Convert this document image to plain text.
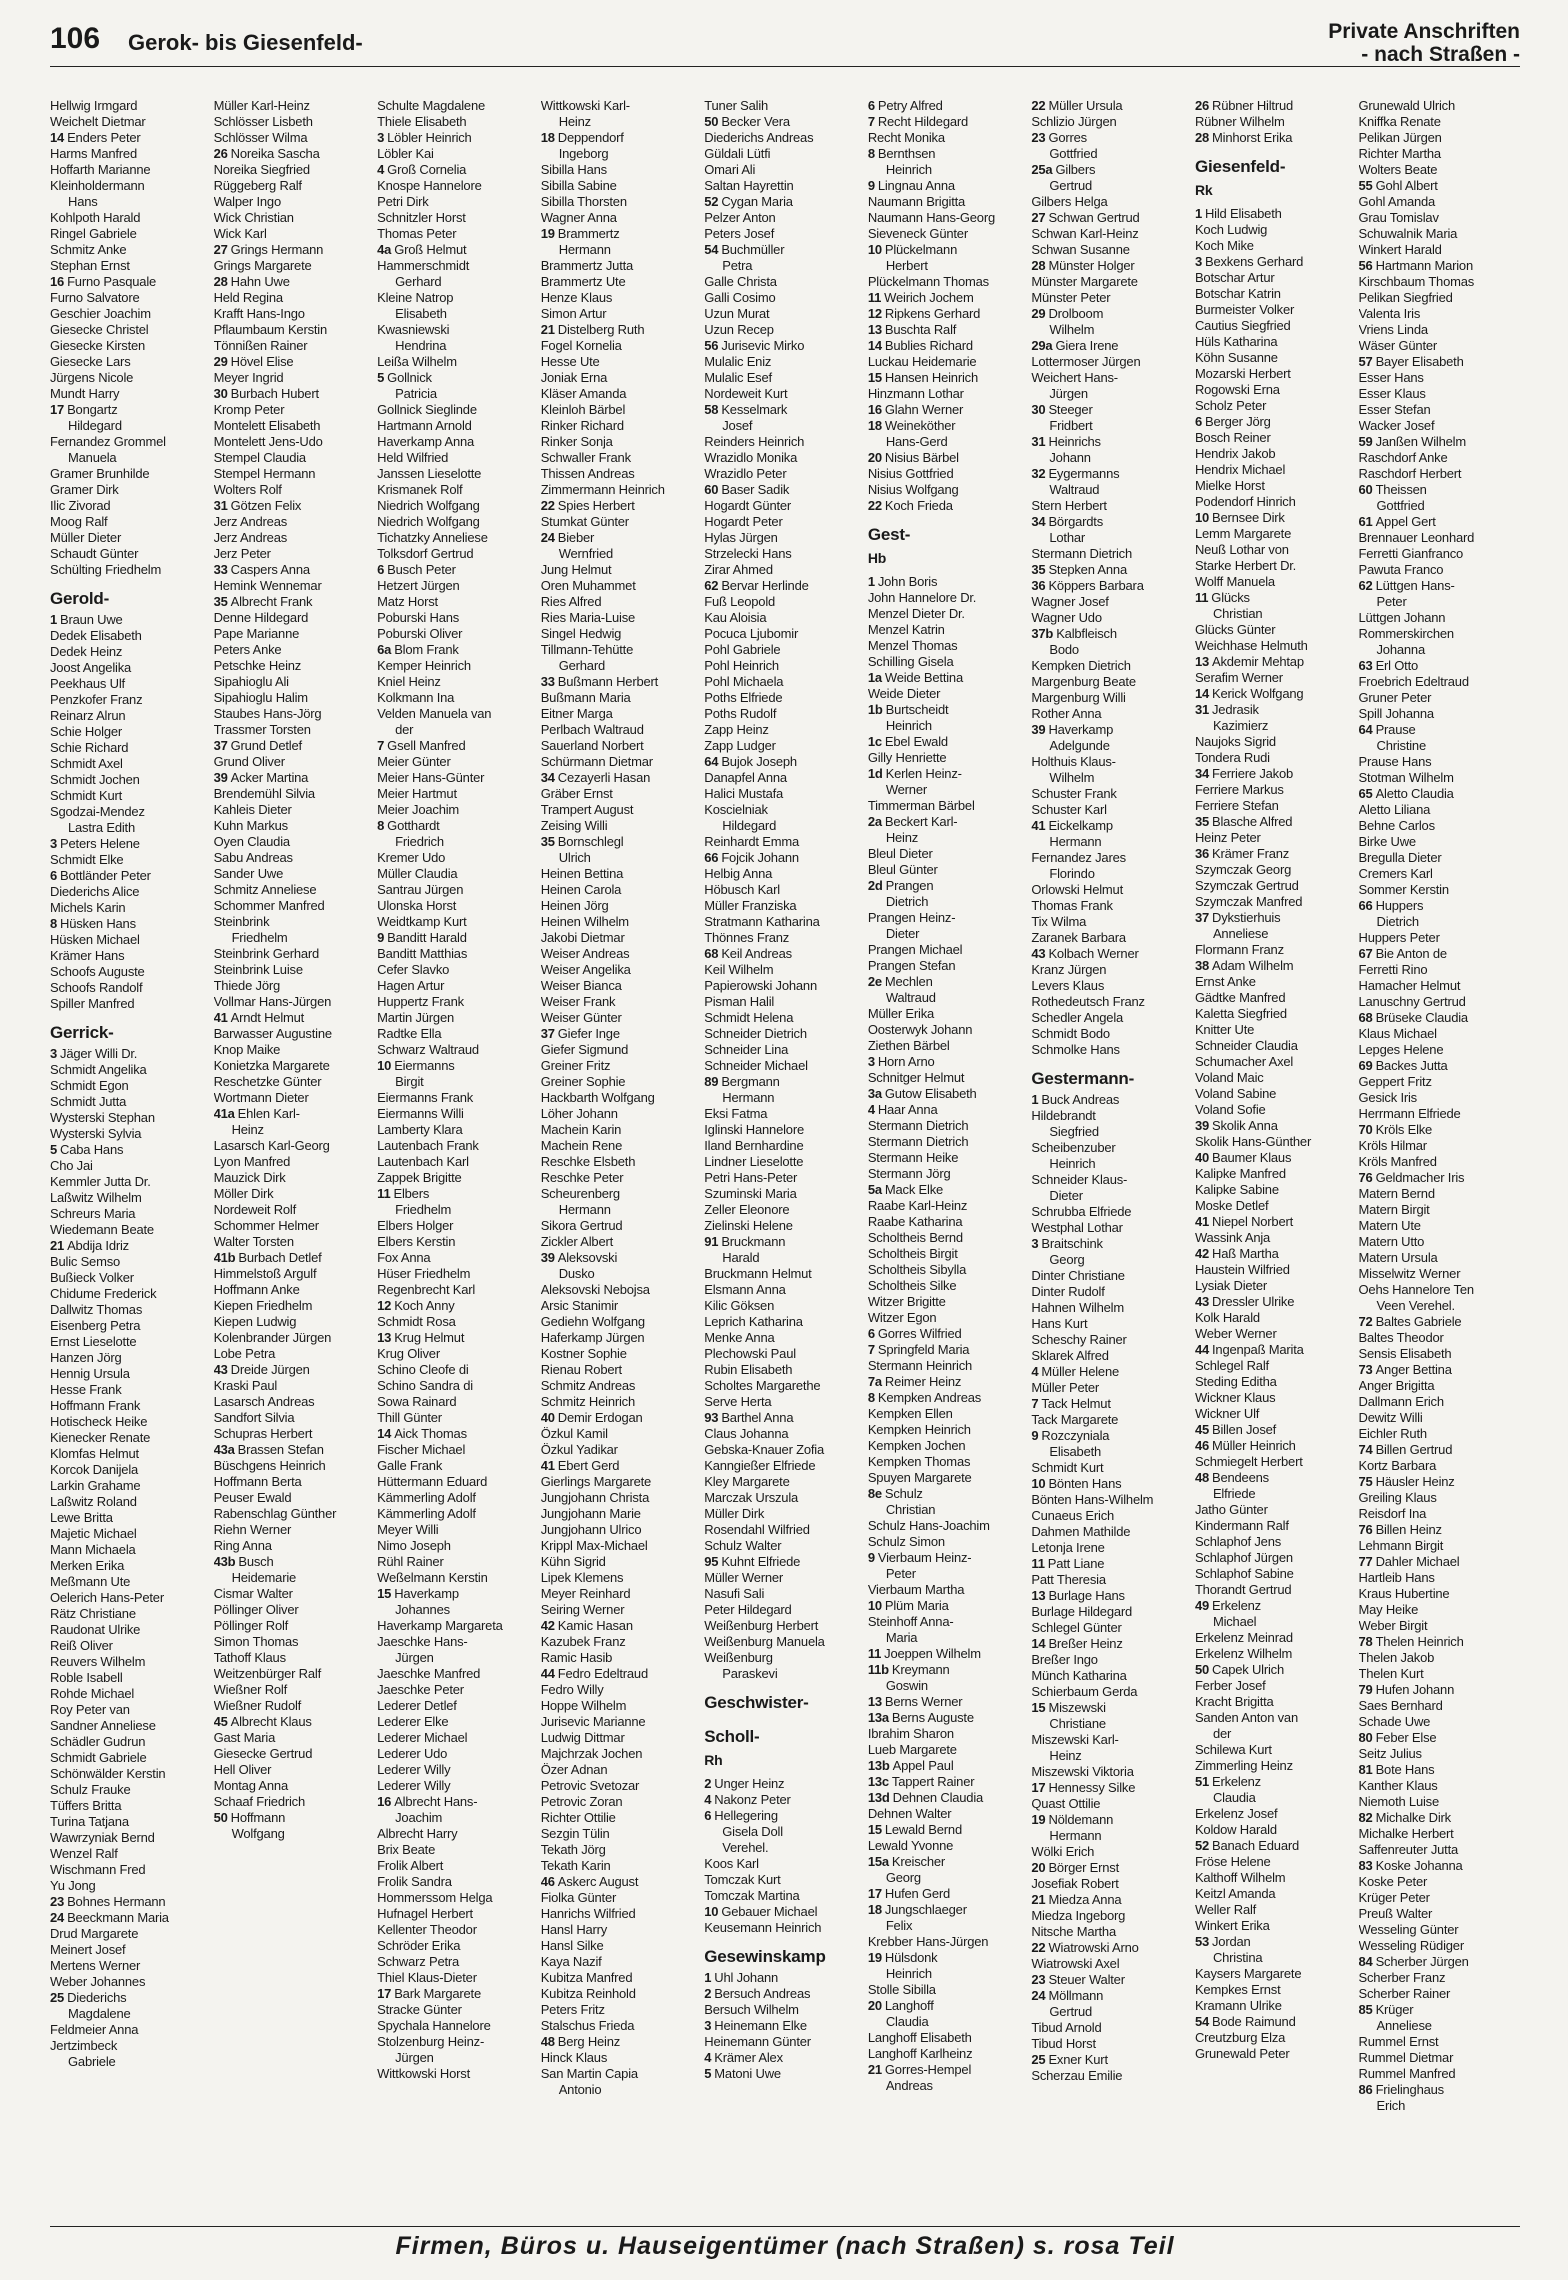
106 Gerok- bis Giesenfeld-	Private Anschriften
- nach Straßen -
Hellwig Irmgard
Weichelt Dietmar
14 Enders Peter
Harms Manfred
Hoffarth Marianne
Kleinholdermann
Hans
Kohlpoth Harald
Ringel Gabriele
Schmitz Anke
Stephan Ernst
16 Furno Pasquale
Furno Salvatore
Geschier Joachim
Giesecke Christel
Giesecke Kirsten
Giesecke Lars
Jürgens Nicole
Mundt Harry
17 Bongartz
Hildegard
Fernandez Grommel
Manuela
Gramer Brunhilde
Gramer Dirk
Ilic Zivorad
Moog Ralf
Müller Dieter
Schaudt Günter
Schülting Friedhelm
Gerold-
1 Braun Uwe
Dedek Elisabeth
Dedek Heinz
Joost Angelika
Peekhaus Ulf
Penzkofer Franz
Reinarz Alrun
Schie Holger
Schie Richard
Schmidt Axel
Schmidt Jochen
Schmidt Kurt
Sgodzai-Mendez
Lastra Edith
3 Peters Helene
Schmidt Elke
6 Bottländer Peter
Diederichs Alice
Michels Karin
8 Hüsken Hans
Hüsken Michael
Krämer Hans
Schoofs Auguste
Schoofs Randolf
Spiller Manfred
Gerrick-
3 Jäger Willi Dr.
Schmidt Angelika
Schmidt Egon
Schmidt Jutta
Wysterski Stephan
Wysterski Sylvia
5 Caba Hans
Cho Jai
Kemmler Jutta Dr.
Laßwitz Wilhelm
Schreurs Maria
Wiedemann Beate
21 Abdija Idriz
Bulic Semso
Bußieck Volker
Chidume Frederick
Dallwitz Thomas
Eisenberg Petra
Ernst Lieselotte
Hanzen Jörg
Hennig Ursula
Hesse Frank
Hoffmann Frank
Hotischeck Heike
Kienecker Renate
Klomfas Helmut
Korcok Danijela
Larkin Grahame
Laßwitz Roland
Lewe Britta
Majetic Michael
Mann Michaela
Merken Erika
Meßmann Ute
Oelerich Hans-Peter
Rätz Christiane
Raudonat Ulrike
Reiß Oliver
Reuvers Wilhelm
Roble Isabell
Rohde Michael
Roy Peter van
Sandner Anneliese
Schädler Gudrun
Schmidt Gabriele
Schönwälder Kerstin
Schulz Frauke
Tüffers Britta
Turina Tatjana
Wawrzyniak Bernd
Wenzel Ralf
Wischmann Fred
Yu Jong
23 Bohnes Hermann
24 Beeckmann Maria
Drud Margarete
Meinert Josef
Mertens Werner
Weber Johannes
25 Diederichs
Magdalene
Feldmeier Anna
Jertzimbeck
Gabriele
Müller Karl-Heinz
Schlösser Lisbeth
Schlösser Wilma
26 Noreika Sascha
Noreika Siegfried
Rüggeberg Ralf
Walper Ingo
Wick Christian
Wick Karl
27 Grings Hermann
Grings Margarete
28 Hahn Uwe
Held Regina
Krafft Hans-Ingo
Pflaumbaum Kerstin
Tönnißen Rainer
29 Hövel Elise
Meyer Ingrid
30 Burbach Hubert
Kromp Peter
Montelett Elisabeth
Montelett Jens-Udo
Stempel Claudia
Stempel Hermann
Wolters Rolf
31 Götzen Felix
Jerz Andreas
Jerz Andreas
Jerz Peter
33 Caspers Anna
Hemink Wennemar
35 Albrecht Frank
Denne Hildegard
Pape Marianne
Peters Anke
Petschke Heinz
Sipahioglu Ali
Sipahioglu Halim
Staubes Hans-Jörg
Trassmer Torsten
37 Grund Detlef
Grund Oliver
39 Acker Martina
Brendemühl Silvia
Kahleis Dieter
Kuhn Markus
Oyen Claudia
Sabu Andreas
Sander Uwe
Schmitz Anneliese
Schommer Manfred
Steinbrink
Friedhelm
Steinbrink Gerhard
Steinbrink Luise
Thiede Jörg
Vollmar Hans-Jürgen
41 Arndt Helmut
Barwasser Augustine
Knop Maike
Konietzka Margarete
Reschetzke Günter
Wortmann Dieter
41a Ehlen Karl-
Heinz
Lasarsch Karl-Georg
Lyon Manfred
Mauzick Dirk
Möller Dirk
Nordeweit Rolf
Schommer Helmer
Walter Torsten
41b Burbach Detlef
Himmelstoß Argulf
Hoffmann Anke
Kiepen Friedhelm
Kiepen Ludwig
Kolenbrander Jürgen
Lobe Petra
43 Dreide Jürgen
Kraski Paul
Lasarsch Andreas
Sandfort Silvia
Schupras Herbert
43a Brassen Stefan
Büschgens Heinrich
Hoffmann Berta
Peuser Ewald
Rabenschlag Günther
Riehn Werner
Ring Anna
43b Busch
Heidemarie
Cismar Walter
Pöllinger Oliver
Pöllinger Rolf
Simon Thomas
Tathoff Klaus
Weitzenbürger Ralf
Wießner Rolf
Wießner Rudolf
45 Albrecht Klaus
Gast Maria
Giesecke Gertrud
Hell Oliver
Montag Anna
Schaaf Friedrich
50 Hoffmann
Wolfgang
Schulte Magdalene
Thiele Elisabeth
3 Löbler Heinrich
Löbler Kai
4 Groß Cornelia
Knospe Hannelore
Petri Dirk
Schnitzler Horst
Thomas Peter
4a Groß Helmut
Hammerschmidt
Gerhard
Kleine Natrop
Elisabeth
Kwasniewski
Hendrina
Leißa Wilhelm
5 Gollnick
Patricia
Gollnick Sieglinde
Hartmann Arnold
Haverkamp Anna
Held Wilfried
Janssen Lieselotte
Krismanek Rolf
Niedrich Wolfgang
Niedrich Wolfgang
Tichatzky Anneliese
Tolksdorf Gertrud
6 Busch Peter
Hetzert Jürgen
Matz Horst
Poburski Hans
Poburski Oliver
6a Blom Frank
Kemper Heinrich
Kniel Heinz
Kolkmann Ina
Velden Manuela van
der
7 Gsell Manfred
Meier Günter
Meier Hans-Günter
Meier Hartmut
Meier Joachim
8 Gotthardt
Friedrich
Kremer Udo
Müller Claudia
Santrau Jürgen
Ulonska Horst
Weidtkamp Kurt
9 Banditt Harald
Banditt Matthias
Cefer Slavko
Hagen Artur
Huppertz Frank
Martin Jürgen
Radtke Ella
Schwarz Waltraud
10 Eiermanns
Birgit
Eiermanns Frank
Eiermanns Willi
Lamberty Klara
Lautenbach Frank
Lautenbach Karl
Zappek Brigitte
11 Elbers
Friedhelm
Elbers Holger
Elbers Kerstin
Fox Anna
Hüser Friedhelm
Regenbrecht Karl
12 Koch Anny
Schmidt Rosa
13 Krug Helmut
Krug Oliver
Schino Cleofe di
Schino Sandra di
Sowa Rainard
Thill Günter
14 Aick Thomas
Fischer Michael
Galle Frank
Hüttermann Eduard
Kämmerling Adolf
Kämmerling Adolf
Meyer Willi
Nimo Joseph
Rühl Rainer
Weßelmann Kerstin
15 Haverkamp
Johannes
Haverkamp Margareta
Jaeschke Hans-
Jürgen
Jaeschke Manfred
Jaeschke Peter
Lederer Detlef
Lederer Elke
Lederer Michael
Lederer Udo
Lederer Willy
Lederer Willy
16 Albrecht Hans-
Joachim
Albrecht Harry
Brix Beate
Frolik Albert
Frolik Sandra
Hommerssom Helga
Hufnagel Herbert
Kellenter Theodor
Schröder Erika
Schwarz Petra
Thiel Klaus-Dieter
17 Bark Margarete
Stracke Günter
Spychala Hannelore
Stolzenburg Heinz-
Jürgen
Wittkowski Horst
Wittkowski Karl-
Heinz
18 Deppendorf
Ingeborg
Sibilla Hans
Sibilla Sabine
Sibilla Thorsten
Wagner Anna
19 Brammertz
Hermann
Brammertz Jutta
Brammertz Ute
Henze Klaus
Simon Artur
21 Distelberg Ruth
Fogel Kornelia
Hesse Ute
Joniak Erna
Kläser Amanda
Kleinloh Bärbel
Rinker Richard
Rinker Sonja
Schwaller Frank
Thissen Andreas
Zimmermann Heinrich
22 Spies Herbert
Stumkat Günter
24 Bieber
Wernfried
Jung Helmut
Oren Muhammet
Ries Alfred
Ries Maria-Luise
Singel Hedwig
Tillmann-Tehütte
Gerhard
33 Bußmann Herbert
Bußmann Maria
Eitner Marga
Perlbach Waltraud
Sauerland Norbert
Schürmann Dietmar
34 Cezayerli Hasan
Gräber Ernst
Trampert August
Zeising Willi
35 Bornschlegl
Ulrich
Heinen Bettina
Heinen Carola
Heinen Jörg
Heinen Wilhelm
Jakobi Dietmar
Weiser Andreas
Weiser Angelika
Weiser Bianca
Weiser Frank
Weiser Günter
37 Giefer Inge
Giefer Sigmund
Greiner Fritz
Greiner Sophie
Hackbarth Wolfgang
Löher Johann
Machein Karin
Machein Rene
Reschke Elsbeth
Reschke Peter
Scheurenberg
Hermann
Sikora Gertrud
Zickler Albert
39 Aleksovski
Dusko
Aleksovski Nebojsa
Arsic Stanimir
Gediehn Wolfgang
Haferkamp Jürgen
Kostner Sophie
Rienau Robert
Schmitz Andreas
Schmitz Heinrich
40 Demir Erdogan
Özkul Kamil
Özkul Yadikar
41 Ebert Gerd
Gierlings Margarete
Jungjohann Christa
Jungjohann Marie
Jungjohann Ulrico
Krippl Max-Michael
Kühn Sigrid
Lipek Klemens
Meyer Reinhard
Seiring Werner
42 Kamic Hasan
Kazubek Franz
Ramic Hasib
44 Fedro Edeltraud
Fedro Willy
Hoppe Wilhelm
Jurisevic Marianne
Ludwig Dittmar
Majchrzak Jochen
Özer Adnan
Petrovic Svetozar
Petrovic Zoran
Richter Ottilie
Sezgin Tülin
Tekath Jörg
Tekath Karin
46 Askerc August
Fiolka Günter
Hanrichs Wilfried
Hansl Harry
Hansl Silke
Kaya Nazif
Kubitza Manfred
Kubitza Reinhold
Peters Fritz
Stalschus Frieda
48 Berg Heinz
Hinck Klaus
San Martin Capia
Antonio
Tuner Salih
50 Becker Vera
Diederichs Andreas
Güldali Lütfi
Omari Ali
Saltan Hayrettin
52 Cygan Maria
Pelzer Anton
Peters Josef
54 Buchmüller
Petra
Galle Christa
Galli Cosimo
Uzun Murat
Uzun Recep
56 Jurisevic Mirko
Mulalic Eniz
Mulalic Esef
Nordeweit Kurt
58 Kesselmark
Josef
Reinders Heinrich
Wrazidlo Monika
Wrazidlo Peter
60 Baser Sadik
Hogardt Günter
Hogardt Peter
Hylas Jürgen
Strzelecki Hans
Zirar Ahmed
62 Bervar Herlinde
Fuß Leopold
Kau Aloisia
Pocuca Ljubomir
Pohl Gabriele
Pohl Heinrich
Pohl Michaela
Poths Elfriede
Poths Rudolf
Zapp Heinz
Zapp Ludger
64 Bujok Joseph
Danapfel Anna
Halici Mustafa
Koscielniak
Hildegard
Reinhardt Emma
66 Fojcik Johann
Helbig Anna
Höbusch Karl
Müller Franziska
Stratmann Katharina
Thönnes Franz
68 Keil Andreas
Keil Wilhelm
Papierowski Johann
Pisman Halil
Schmidt Helena
Schneider Dietrich
Schneider Lina
Schneider Michael
89 Bergmann
Hermann
Eksi Fatma
Iglinski Hannelore
Iland Bernhardine
Lindner Lieselotte
Petri Hans-Peter
Szuminski Maria
Zeller Eleonore
Zielinski Helene
91 Bruckmann
Harald
Bruckmann Helmut
Elsmann Anna
Kilic Göksen
Leprich Katharina
Menke Anna
Plechowski Paul
Rubin Elisabeth
Scholtes Margarethe
Serve Herta
93 Barthel Anna
Claus Johanna
Gebska-Knauer Zofia
Kanngießer Elfriede
Kley Margarete
Marczak Urszula
Müller Dirk
Rosendahl Wilfried
Schulz Walter
95 Kuhnt Elfriede
Müller Werner
Nasufi Sali
Peter Hildegard
Weißenburg Herbert
Weißenburg Manuela
Weißenburg
Paraskevi
Geschwister-
Scholl-
Rh
2 Unger Heinz
4 Nakonz Peter
6 Hellegering
Gisela Doll
Verehel.
Koos Karl
Tomczak Kurt
Tomczak Martina
10 Gebauer Michael
Keusemann Heinrich
Gesewinskamp
1 Uhl Johann
2 Bersuch Andreas
Bersuch Wilhelm
3 Heinemann Elke
Heinemann Günter
4 Krämer Alex
5 Matoni Uwe
6 Petry Alfred
7 Recht Hildegard
Recht Monika
8 Bernthsen
Heinrich
9 Lingnau Anna
Naumann Brigitta
Naumann Hans-Georg
Sieveneck Günter
10 Plückelmann
Herbert
Plückelmann Thomas
11 Weirich Jochem
12 Ripkens Gerhard
13 Buschta Ralf
14 Bublies Richard
Luckau Heidemarie
15 Hansen Heinrich
Hinzmann Lothar
16 Glahn Werner
18 Weineköther
Hans-Gerd
20 Nisius Bärbel
Nisius Gottfried
Nisius Wolfgang
22 Koch Frieda
Gest-
Hb
1 John Boris
John Hannelore Dr.
Menzel Dieter Dr.
Menzel Katrin
Menzel Thomas
Schilling Gisela
1a Weide Bettina
Weide Dieter
1b Burtscheidt
Heinrich
1c Ebel Ewald
Gilly Henriette
1d Kerlen Heinz-
Werner
Timmerman Bärbel
2a Beckert Karl-
Heinz
Bleul Dieter
Bleul Günter
2d Prangen
Dietrich
Prangen Heinz-
Dieter
Prangen Michael
Prangen Stefan
2e Mechlen
Waltraud
Müller Erika
Oosterwyk Johann
Ziethen Bärbel
3 Horn Arno
Schnitger Helmut
3a Gutow Elisabeth
4 Haar Anna
Stermann Dietrich
Stermann Dietrich
Stermann Heike
Stermann Jörg
5a Mack Elke
Raabe Karl-Heinz
Raabe Katharina
Scholtheis Bernd
Scholtheis Birgit
Scholtheis Sibylla
Scholtheis Silke
Witzer Brigitte
Witzer Egon
6 Gorres Wilfried
7 Springfeld Maria
Stermann Heinrich
7a Reimer Heinz
8 Kempken Andreas
Kempken Ellen
Kempken Heinrich
Kempken Jochen
Kempken Thomas
Spuyen Margarete
8e Schulz
Christian
Schulz Hans-Joachim
Schulz Simon
9 Vierbaum Heinz-
Peter
Vierbaum Martha
10 Plüm Maria
Steinhoff Anna-
Maria
11 Joeppen Wilhelm
11b Kreymann
Goswin
13 Berns Werner
13a Berns Auguste
Ibrahim Sharon
Lueb Margarete
13b Appel Paul
13c Tappert Rainer
13d Dehnen Claudia
Dehnen Walter
15 Lewald Bernd
Lewald Yvonne
15a Kreischer
Georg
17 Hufen Gerd
18 Jungschlaeger
Felix
Krebber Hans-Jürgen
19 Hülsdonk
Heinrich
Stolle Sibilla
20 Langhoff
Claudia
Langhoff Elisabeth
Langhoff Karlheinz
21 Gorres-Hempel
Andreas
22 Müller Ursula
Schlizio Jürgen
23 Gorres
Gottfried
25a Gilbers
Gertrud
Gilbers Helga
27 Schwan Gertrud
Schwan Karl-Heinz
Schwan Susanne
28 Münster Holger
Münster Margarete
Münster Peter
29 Drolboom
Wilhelm
29a Giera Irene
Lottermoser Jürgen
Weichert Hans-
Jürgen
30 Steeger
Fridbert
31 Heinrichs
Johann
32 Eygermanns
Waltraud
Stern Herbert
34 Börgardts
Lothar
Stermann Dietrich
35 Stepken Anna
36 Köppers Barbara
Wagner Josef
Wagner Udo
37b Kalbfleisch
Bodo
Kempken Dietrich
Margenburg Beate
Margenburg Willi
Rother Anna
39 Haverkamp
Adelgunde
Holthuis Klaus-
Wilhelm
Schuster Frank
Schuster Karl
41 Eickelkamp
Hermann
Fernandez Jares
Florindo
Orlowski Helmut
Thomas Frank
Tix Wilma
Zaranek Barbara
43 Kolbach Werner
Kranz Jürgen
Levers Klaus
Rothedeutsch Franz
Schedler Angela
Schmidt Bodo
Schmolke Hans
Gestermann-
1 Buck Andreas
Hildebrandt
Siegfried
Scheibenzuber
Heinrich
Schneider Klaus-
Dieter
Schrubba Elfriede
Westphal Lothar
3 Braitschink
Georg
Dinter Christiane
Dinter Rudolf
Hahnen Wilhelm
Hans Kurt
Scheschy Rainer
Sklarek Alfred
4 Müller Helene
Müller Peter
7 Tack Helmut
Tack Margarete
9 Rozczyniala
Elisabeth
Schmidt Kurt
10 Bönten Hans
Bönten Hans-Wilhelm
Cunaeus Erich
Dahmen Mathilde
Letonja Irene
11 Patt Liane
Patt Theresia
13 Burlage Hans
Burlage Hildegard
Schlegel Günter
14 Breßer Heinz
Breßer Ingo
Münch Katharina
Schierbaum Gerda
15 Miszewski
Christiane
Miszewski Karl-
Heinz
Miszewski Viktoria
17 Hennessy Silke
Quast Ottilie
19 Nöldemann
Hermann
Wölki Erich
20 Börger Ernst
Josefiak Robert
21 Miedza Anna
Miedza Ingeborg
Nitsche Martha
22 Wiatrowski Arno
Wiatrowski Axel
23 Steuer Walter
24 Möllmann
Gertrud
Tibud Arnold
Tibud Horst
25 Exner Kurt
Scherzau Emilie
26 Rübner Hiltrud
Rübner Wilhelm
28 Minhorst Erika
Giesenfeld-
Rk
1 Hild Elisabeth
Koch Ludwig
Koch Mike
3 Bexkens Gerhard
Botschar Artur
Botschar Katrin
Burmeister Volker
Cautius Siegfried
Hüls Katharina
Köhn Susanne
Mozarski Herbert
Rogowski Erna
Scholz Peter
6 Berger Jörg
Bosch Reiner
Hendrix Jakob
Hendrix Michael
Mielke Horst
Podendorf Hinrich
10 Bernsee Dirk
Lemm Margarete
Neuß Lothar von
Starke Herbert Dr.
Wolff Manuela
11 Glücks
Christian
Glücks Günter
Weichhase Helmuth
13 Akdemir Mehtap
Serafim Werner
14 Kerick Wolfgang
31 Jedrasik
Kazimierz
Naujoks Sigrid
Tondera Rudi
34 Ferriere Jakob
Ferriere Markus
Ferriere Stefan
35 Blasche Alfred
Heinz Peter
36 Krämer Franz
Szymczak Georg
Szymczak Gertrud
Szymczak Manfred
37 Dykstierhuis
Anneliese
Flormann Franz
38 Adam Wilhelm
Ernst Anke
Gädtke Manfred
Kaletta Siegfried
Knitter Ute
Schneider Claudia
Schumacher Axel
Voland Maic
Voland Sabine
Voland Sofie
39 Skolik Anna
Skolik Hans-Günther
40 Baumer Klaus
Kalipke Manfred
Kalipke Sabine
Moske Detlef
41 Niepel Norbert
Wassink Anja
42 Haß Martha
Haustein Wilfried
Lysiak Dieter
43 Dressler Ulrike
Kolk Harald
Weber Werner
44 Ingenpaß Marita
Schlegel Ralf
Steding Editha
Wickner Klaus
Wickner Ulf
45 Billen Josef
46 Müller Heinrich
Schmiegelt Herbert
48 Bendeens
Elfriede
Jatho Günter
Kindermann Ralf
Schlaphof Jens
Schlaphof Jürgen
Schlaphof Sabine
Thorandt Gertrud
49 Erkelenz
Michael
Erkelenz Meinrad
Erkelenz Wilhelm
50 Capek Ulrich
Ferber Josef
Kracht Brigitta
Sanden Anton van
der
Schilewa Kurt
Zimmerling Heinz
51 Erkelenz
Claudia
Erkelenz Josef
Koldow Harald
52 Banach Eduard
Fröse Helene
Kalthoff Wilhelm
Keitzl Amanda
Weller Ralf
Winkert Erika
53 Jordan
Christina
Kaysers Margarete
Kempkes Ernst
Kramann Ulrike
54 Bode Raimund
Creutzburg Elza
Grunewald Peter
Grunewald Ulrich
Kniffka Renate
Pelikan Jürgen
Richter Martha
Wolters Beate
55 Gohl Albert
Gohl Amanda
Grau Tomislav
Schuwalnik Maria
Winkert Harald
56 Hartmann Marion
Kirschbaum Thomas
Pelikan Siegfried
Valenta Iris
Vriens Linda
Wäser Günter
57 Bayer Elisabeth
Esser Hans
Esser Klaus
Esser Stefan
Wacker Josef
59 Janßen Wilhelm
Raschdorf Anke
Raschdorf Herbert
60 Theissen
Gottfried
61 Appel Gert
Brennauer Leonhard
Ferretti Gianfranco
Pawuta Franco
62 Lüttgen Hans-
Peter
Lüttgen Johann
Rommerskirchen
Johanna
63 Erl Otto
Froebrich Edeltraud
Gruner Peter
Spill Johanna
64 Prause
Christine
Prause Hans
Stotman Wilhelm
65 Aletto Claudia
Aletto Liliana
Behne Carlos
Birke Uwe
Bregulla Dieter
Cremers Karl
Sommer Kerstin
66 Huppers
Dietrich
Huppers Peter
67 Bie Anton de
Ferretti Rino
Hamacher Helmut
Lanuschny Gertrud
68 Brüseke Claudia
Klaus Michael
Lepges Helene
69 Backes Jutta
Geppert Fritz
Gesick Iris
Herrmann Elfriede
70 Kröls Elke
Kröls Hilmar
Kröls Manfred
76 Geldmacher Iris
Matern Bernd
Matern Birgit
Matern Ute
Matern Utto
Matern Ursula
Misselwitz Werner
Oehs Hannelore Ten
Veen Verehel.
72 Baltes Gabriele
Baltes Theodor
Sensis Elisabeth
73 Anger Bettina
Anger Brigitta
Dallmann Erich
Dewitz Willi
Eichler Ruth
74 Billen Gertrud
Kortz Barbara
75 Häusler Heinz
Greiling Klaus
Reisdorf Ina
76 Billen Heinz
Lehmann Birgit
77 Dahler Michael
Hartleib Hans
Kraus Hubertine
May Heike
Weber Birgit
78 Thelen Heinrich
Thelen Jakob
Thelen Kurt
79 Hufen Johann
Saes Bernhard
Schade Uwe
80 Feber Else
Seitz Julius
81 Bote Hans
Kanther Klaus
Niemoth Luise
82 Michalke Dirk
Michalke Herbert
Saffenreuter Jutta
83 Koske Johanna
Koske Peter
Krüger Peter
Preuß Walter
Wesseling Günter
Wesseling Rüdiger
84 Scherber Jürgen
Scherber Franz
Scherber Rainer
85 Krüger
Anneliese
Rummel Ernst
Rummel Dietmar
Rummel Manfred
86 Frielinghaus
Erich
Firmen, Büros u. Hauseigentümer (nach Straßen) s. rosa Teil
